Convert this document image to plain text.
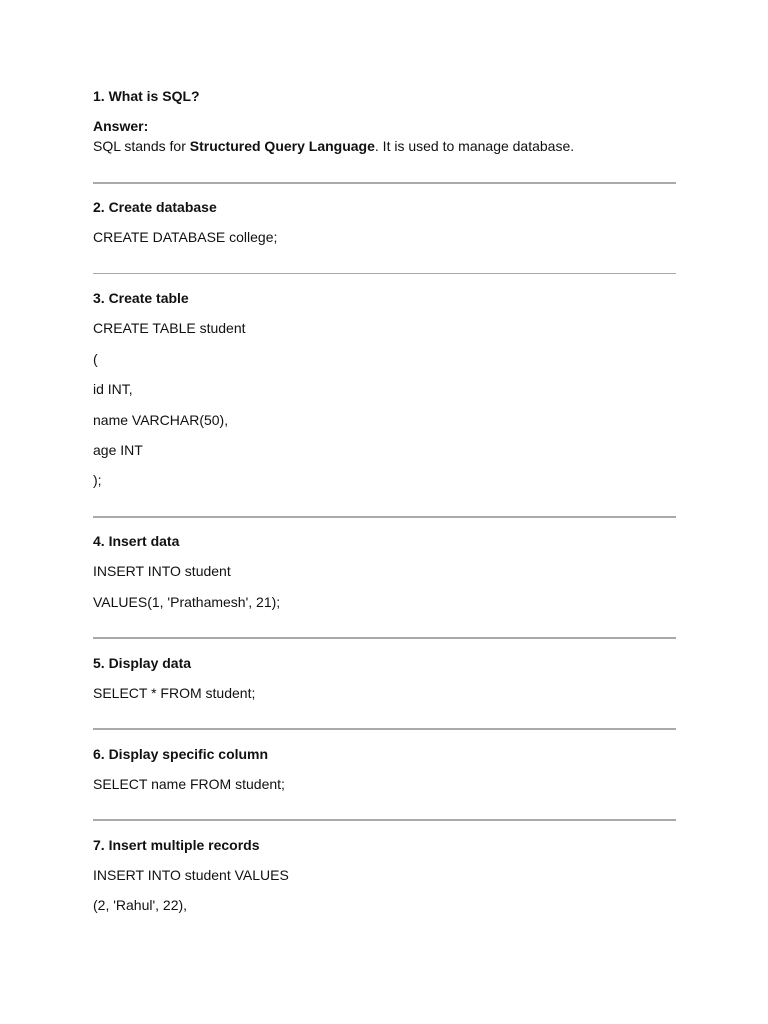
1. What is SQL?
Answer:
SQL stands for Structured Query Language. It is used to manage database.
2. Create database
CREATE DATABASE college;
3. Create table
CREATE TABLE student
(
id INT,
name VARCHAR(50),
age INT
);
4. Insert data
INSERT INTO student
VALUES(1, 'Prathamesh', 21);
5. Display data
SELECT * FROM student;
6. Display specific column
SELECT name FROM student;
7. Insert multiple records
INSERT INTO student VALUES
(2, 'Rahul', 22),
